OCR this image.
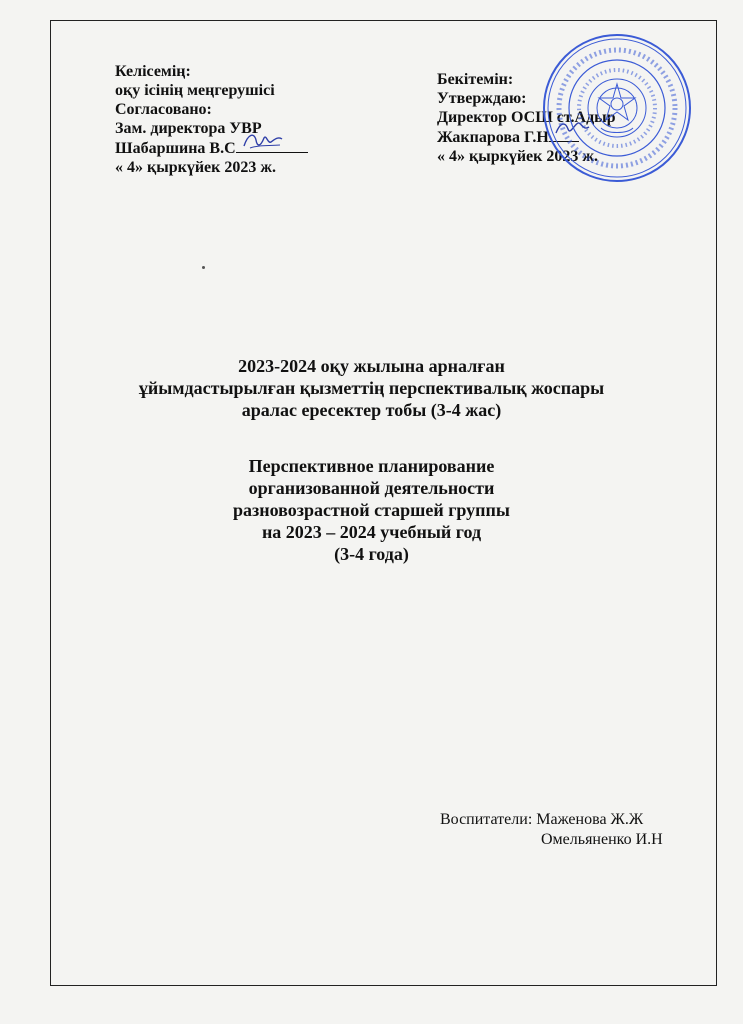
Келісемің:
оқу ісінің меңгерушісі
Согласовано:
Зам. директора УВР
Шабаршина В.С
« 4» қыркүйек 2023 ж.
Бекітемін:
Утверждаю:
Директор ОСШ ст.Адыр
Жакпарова Г.Н
« 4» қыркүйек 2023 ж.
2023-2024 оқу жылына арналған
ұйымдастырылған қызметтің перспективалық жоспары
аралас ересектер тобы (3-4 жас)
Перспективное планирование
организованной деятельности
разновозрастной старшей группы
на 2023 – 2024 учебный год
(3-4 года)
Воспитатели: Маженова Ж.Ж
Омельяненко И.Н
